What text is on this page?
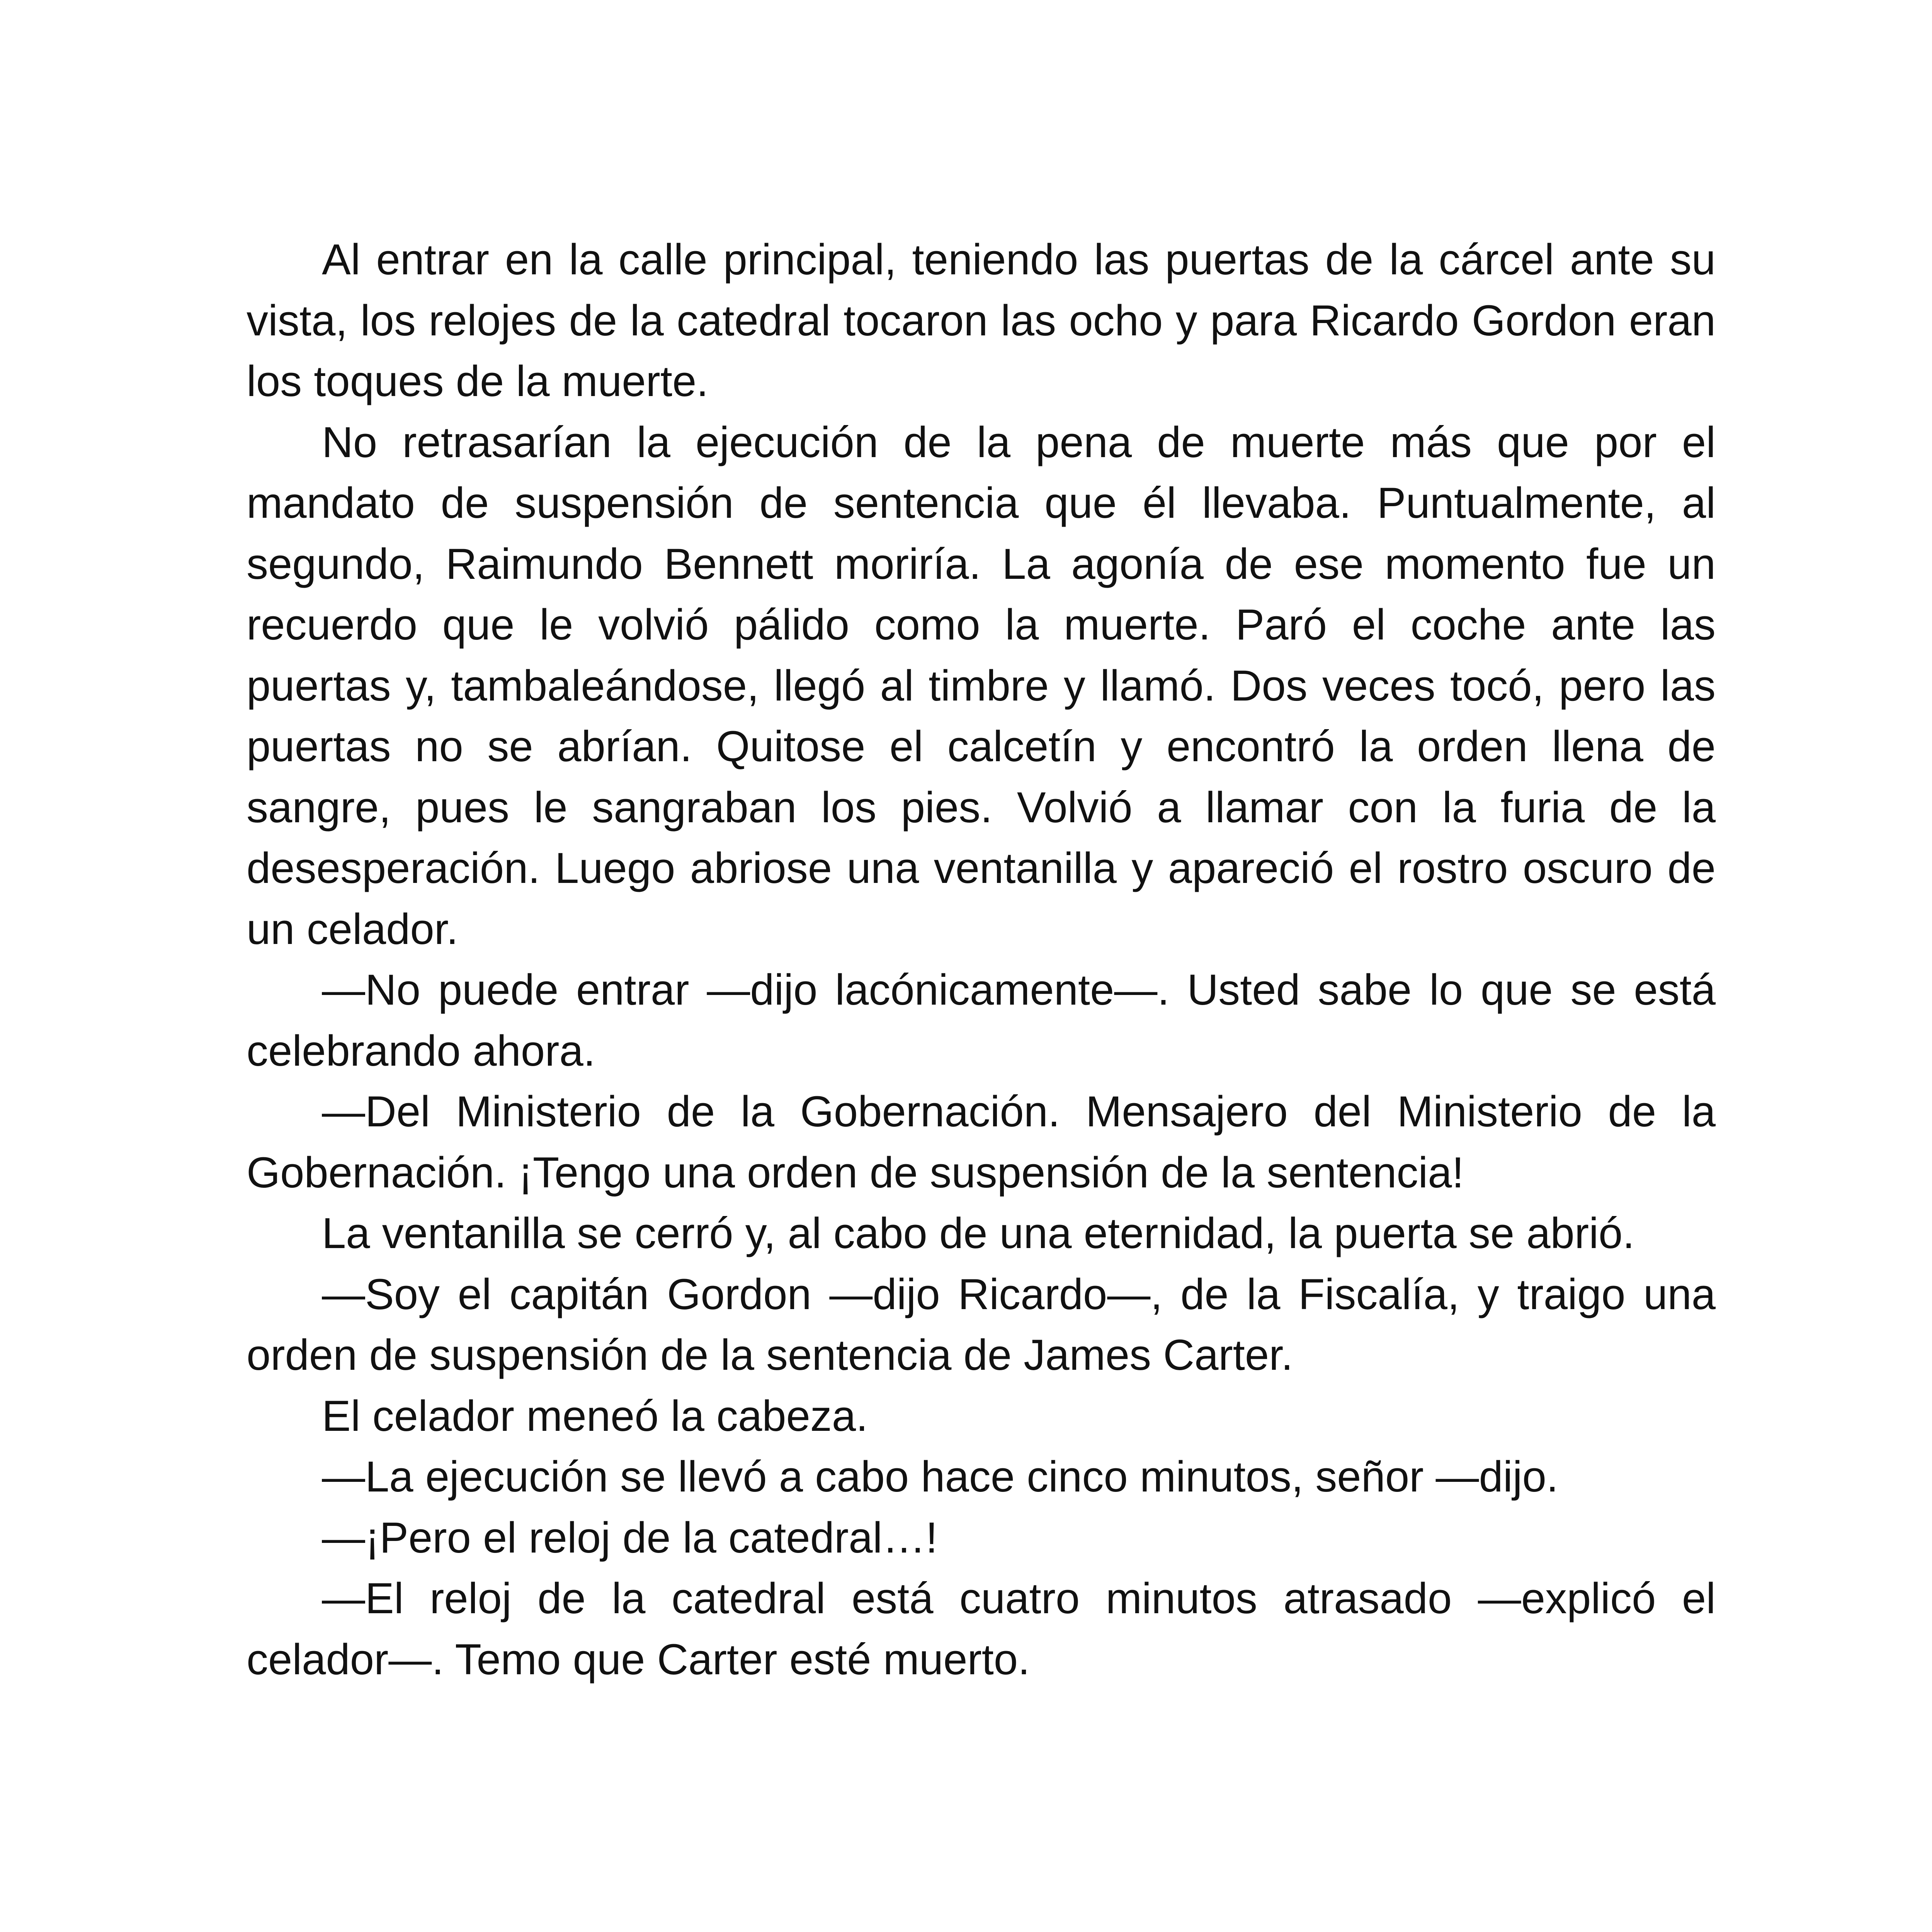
Al entrar en la calle principal, teniendo las puertas de la cárcel ante su vista, los relojes de la catedral tocaron las ocho y para Ricardo Gordon eran los toques de la muerte.

No retrasarían la ejecución de la pena de muerte más que por el mandato de suspensión de sentencia que él llevaba. Puntualmente, al segundo, Raimundo Bennett moriría. La agonía de ese momento fue un recuerdo que le volvió pálido como la muerte. Paró el coche ante las puertas y, tambaleándose, llegó al timbre y llamó. Dos veces tocó, pero las puertas no se abrían. Quitose el calcetín y encontró la orden llena de sangre, pues le sangraban los pies. Volvió a llamar con la furia de la desesperación. Luego abriose una ventanilla y apareció el rostro oscuro de un celador.

—No puede entrar —dijo lacónicamente—. Usted sabe lo que se está celebrando ahora.

—Del Ministerio de la Gobernación. Mensajero del Ministerio de la Gobernación. ¡Tengo una orden de suspensión de la sentencia!

La ventanilla se cerró y, al cabo de una eternidad, la puerta se abrió.

—Soy el capitán Gordon —dijo Ricardo—, de la Fiscalía, y traigo una orden de suspensión de la sentencia de James Carter.

El celador meneó la cabeza.

—La ejecución se llevó a cabo hace cinco minutos, señor —dijo.

—¡Pero el reloj de la catedral…!

—El reloj de la catedral está cuatro minutos atrasado —explicó el celador—. Temo que Carter esté muerto.
